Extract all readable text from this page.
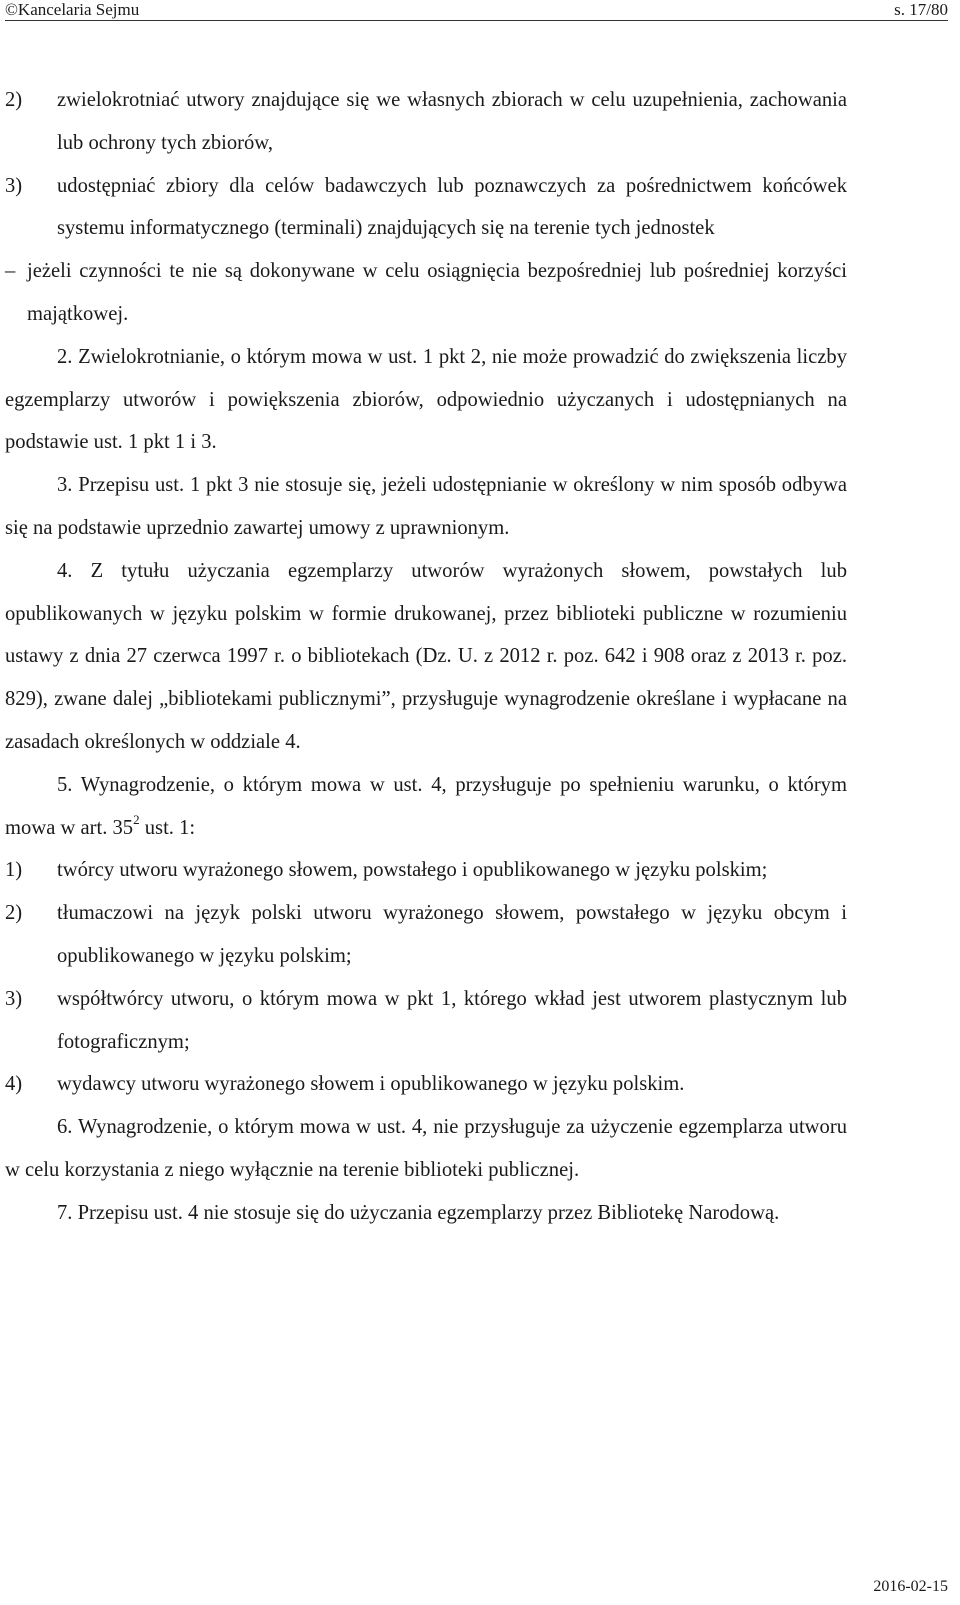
©Kancelaria Sejmu	s. 17/80
2)	zwielokrotniać utwory znajdujące się we własnych zbiorach w celu uzupełnienia, zachowania lub ochrony tych zbiorów,
3)	udostępniać zbiory dla celów badawczych lub poznawczych za pośrednictwem końcówek systemu informatycznego (terminali) znajdujących się na terenie tych jednostek
– jeżeli czynności te nie są dokonywane w celu osiągnięcia bezpośredniej lub pośredniej korzyści majątkowej.

2. Zwielokrotnianie, o którym mowa w ust. 1 pkt 2, nie może prowadzić do zwiększenia liczby egzemplarzy utworów i powiększenia zbiorów, odpowiednio użyczanych i udostępnianych na podstawie ust. 1 pkt 1 i 3.

3. Przepisu ust. 1 pkt 3 nie stosuje się, jeżeli udostępnianie w określony w nim sposób odbywa się na podstawie uprzednio zawartej umowy z uprawnionym.

4. Z tytułu użyczania egzemplarzy utworów wyrażonych słowem, powstałych lub opublikowanych w języku polskim w formie drukowanej, przez biblioteki publiczne w rozumieniu ustawy z dnia 27 czerwca 1997 r. o bibliotekach (Dz. U. z 2012 r. poz. 642 i 908 oraz z 2013 r. poz. 829), zwane dalej „bibliotekami publicznymi”, przysługuje wynagrodzenie określane i wypłacane na zasadach określonych w oddziale 4.

5. Wynagrodzenie, o którym mowa w ust. 4, przysługuje po spełnieniu warunku, o którym mowa w art. $35^2$ ust. 1:

1)	twórcy utworu wyrażonego słowem, powstałego i opublikowanego w języku polskim;
2)	tłumaczowi na język polski utworu wyrażonego słowem, powstałego w języku obcym i opublikowanego w języku polskim;
3)	współtwórcy utworu, o którym mowa w pkt 1, którego wkład jest utworem plastycznym lub fotograficznym;
4)	wydawcy utworu wyrażonego słowem i opublikowanego w języku polskim.

6. Wynagrodzenie, o którym mowa w ust. 4, nie przysługuje za użyczenie egzemplarza utworu w celu korzystania z niego wyłącznie na terenie biblioteki publicznej.

7. Przepisu ust. 4 nie stosuje się do użyczania egzemplarzy przez Bibliotekę Narodową.

2016-02-15
